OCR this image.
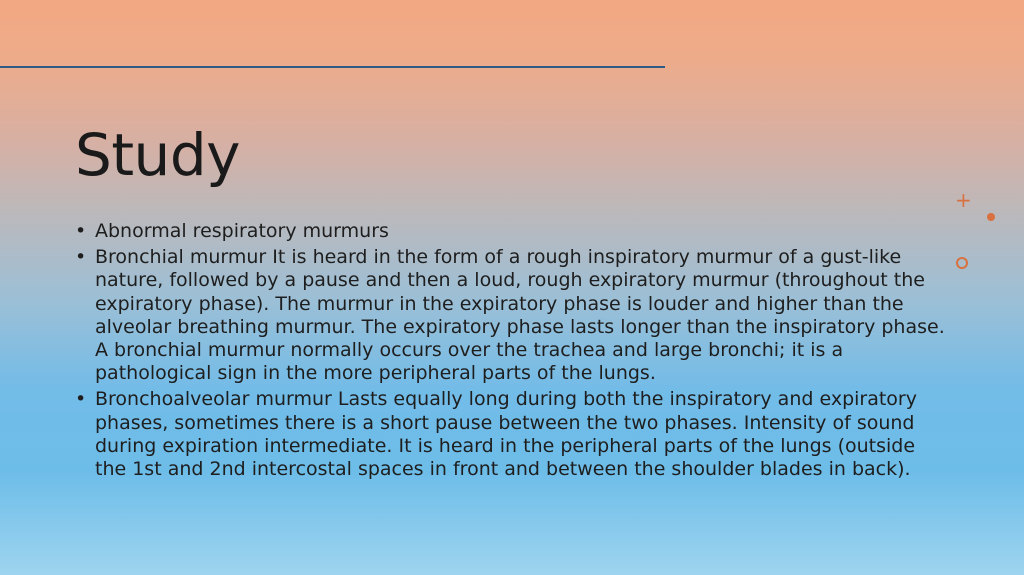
Study
• Abnormal respiratory murmurs
• Bronchial murmur It is heard in the form of a rough inspiratory murmur of a gust-like nature, followed by a pause and then a loud, rough expiratory murmur (throughout the expiratory phase). The murmur in the expiratory phase is louder and higher than the alveolar breathing murmur. The expiratory phase lasts longer than the inspiratory phase. A bronchial murmur normally occurs over the trachea and large bronchi; it is a pathological sign in the more peripheral parts of the lungs.
• Bronchoalveolar murmur Lasts equally long during both the inspiratory and expiratory phases, sometimes there is a short pause between the two phases. Intensity of sound during expiration intermediate. It is heard in the peripheral parts of the lungs (outside the 1st and 2nd intercostal spaces in front and between the shoulder blades in back).
+
